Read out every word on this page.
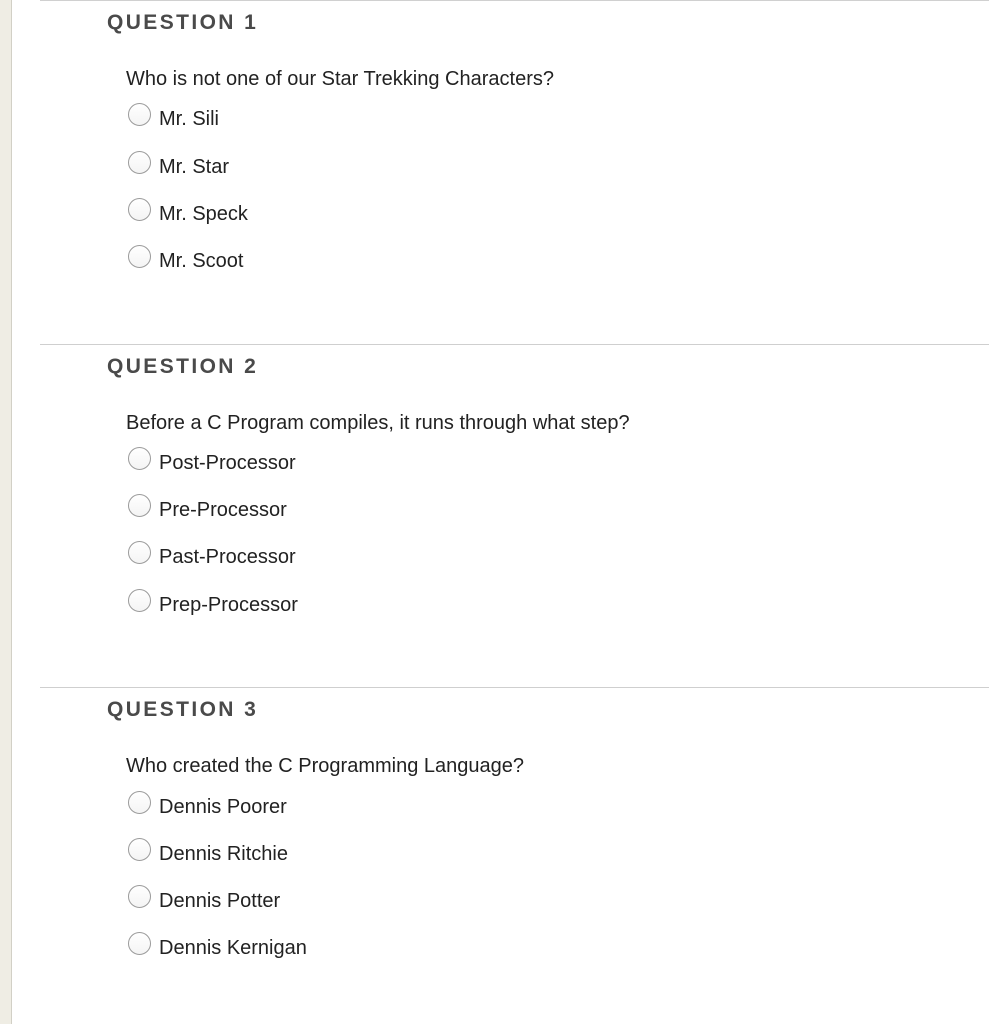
QUESTION 1
Who is not one of our Star Trekking Characters?
Mr. Sili
Mr. Star
Mr. Speck
Mr. Scoot
QUESTION 2
Before a C Program compiles, it runs through what step?
Post-Processor
Pre-Processor
Past-Processor
Prep-Processor
QUESTION 3
Who created the C Programming Language?
Dennis Poorer
Dennis Ritchie
Dennis Potter
Dennis Kernigan
